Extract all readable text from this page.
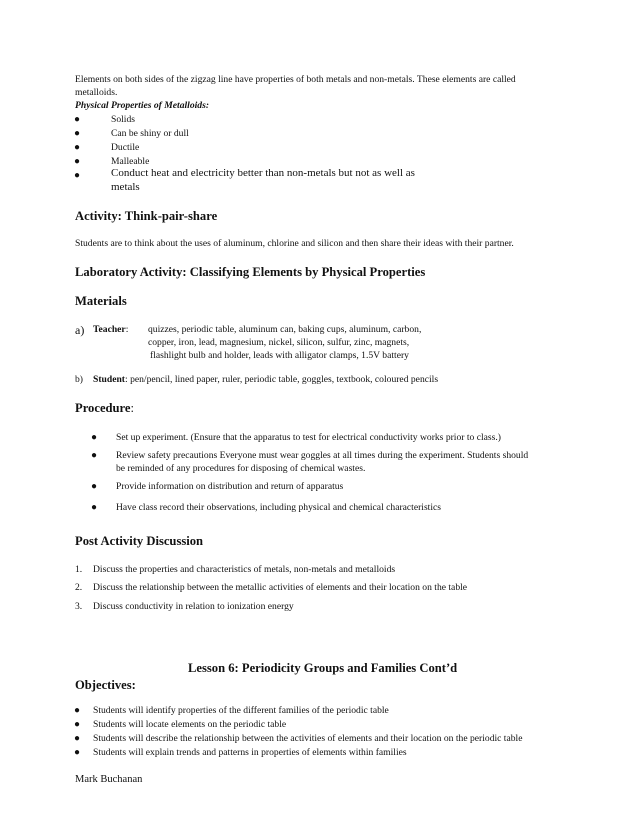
Elements on both sides of the zigzag line have properties of both metals and non-metals. These elements are called
metalloids.
Physical Properties of Metalloids:
●	Solids
●	Can be shiny or dull
●	Ductile
●	Malleable
●	Conduct heat and electricity better than non-metals but not as well as
metals
Activity: Think-pair-share
Students are to think about the uses of aluminum, chlorine and silicon and then share their ideas with their partner.
Laboratory Activity: Classifying Elements by Physical Properties
Materials
a) Teacher: quizzes, periodic table, aluminum can, baking cups, aluminum, carbon,
copper, iron, lead, magnesium, nickel, silicon, sulfur, zinc, magnets,
flashlight bulb and holder, leads with alligator clamps, 1.5V battery
b) Student: pen/pencil, lined paper, ruler, periodic table, goggles, textbook, coloured pencils
Procedure:
● Set up experiment. (Ensure that the apparatus to test for electrical conductivity works prior to class.)
● Review safety precautions Everyone must wear goggles at all times during the experiment. Students should
be reminded of any procedures for disposing of chemical wastes.
● Provide information on distribution and return of apparatus
● Have class record their observations, including physical and chemical characteristics
Post Activity Discussion
1. Discuss the properties and characteristics of metals, non-metals and metalloids
2. Discuss the relationship between the metallic activities of elements and their location on the table
3. Discuss conductivity in relation to ionization energy
Lesson 6: Periodicity Groups and Families Cont’d
Objectives:
● Students will identify properties of the different families of the periodic table
● Students will locate elements on the periodic table
● Students will describe the relationship between the activities of elements and their location on the periodic table
● Students will explain trends and patterns in properties of elements within families
Mark Buchanan
